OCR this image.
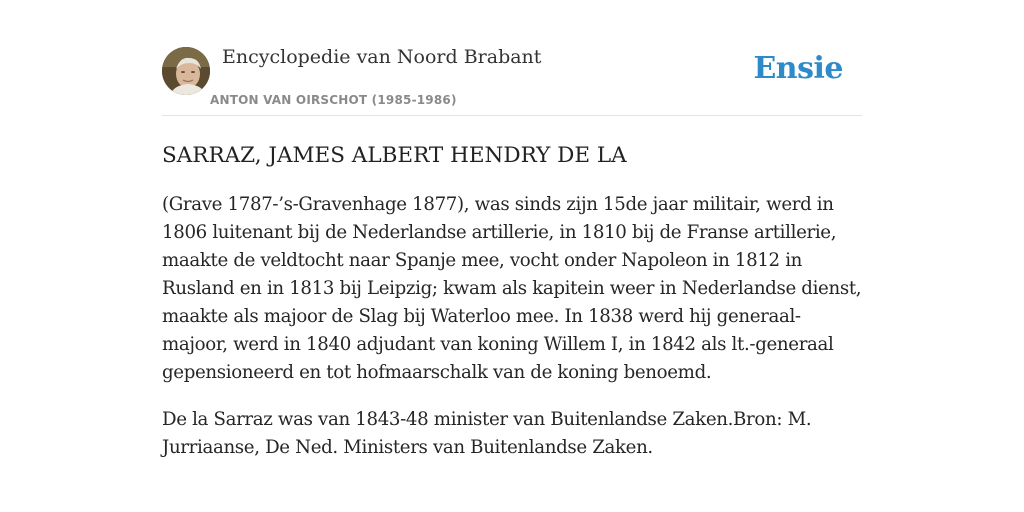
Encyclopedie van Noord Brabant
ANTON VAN OIRSCHOT (1985-1986)
Ensie
SARRAZ, JAMES ALBERT HENDRY DE LA

(Grave 1787-’s-Gravenhage 1877), was sinds zijn 15de jaar militair, werd in 1806 luitenant bij de Nederlandse artillerie, in 1810 bij de Franse artillerie, maakte de veldtocht naar Spanje mee, vocht onder Napoleon in 1812 in Rusland en in 1813 bij Leipzig; kwam als kapitein weer in Nederlandse dienst, maakte als majoor de Slag bij Waterloo mee. In 1838 werd hij generaal-majoor, werd in 1840 adjudant van koning Willem I, in 1842 als lt.-generaal gepensioneerd en tot hofmaarschalk van de koning benoemd.

De la Sarraz was van 1843-48 minister van Buitenlandse Zaken.Bron: M. Jurriaanse, De Ned. Ministers van Buitenlandse Zaken.
